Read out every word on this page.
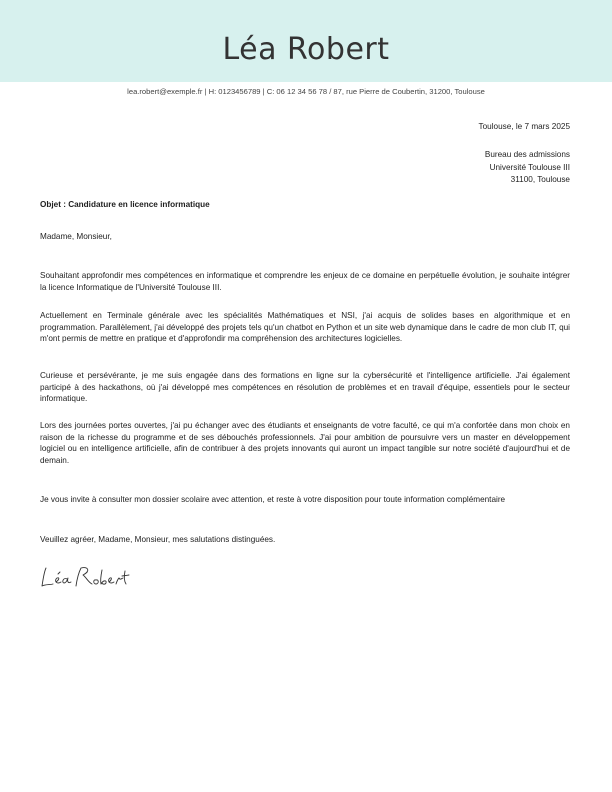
Léa Robert
lea.robert@exemple.fr | H: 0123456789 | C: 06 12 34 56 78 / 87, rue Pierre de Coubertin, 31200, Toulouse
Toulouse, le 7 mars 2025
Bureau des admissions
Université Toulouse III
31100, Toulouse
Objet : Candidature en licence informatique
Madame, Monsieur,
Souhaitant approfondir mes compétences en informatique et comprendre les enjeux de ce domaine en perpétuelle évolution, je souhaite intégrer la licence Informatique de l'Université Toulouse III.
Actuellement en Terminale générale avec les spécialités Mathématiques et NSI, j'ai acquis de solides bases en algorithmique et en programmation. Parallèlement, j'ai développé des projets tels qu'un chatbot en Python et un site web dynamique dans le cadre de mon club IT, qui m'ont permis de mettre en pratique et d'approfondir ma compréhension des architectures logicielles.
Curieuse et persévérante, je me suis engagée dans des formations en ligne sur la cybersécurité et l'intelligence artificielle. J'ai également participé à des hackathons, où j'ai développé mes compétences en résolution de problèmes et en travail d'équipe, essentiels pour le secteur informatique.
Lors des journées portes ouvertes, j'ai pu échanger avec des étudiants et enseignants de votre faculté, ce qui m'a confortée dans mon choix en raison de la richesse du programme et de ses débouchés professionnels. J'ai pour ambition de poursuivre vers un master en développement logiciel ou en intelligence artificielle, afin de contribuer à des projets innovants qui auront un impact tangible sur notre société d'aujourd'hui et de demain.
Je vous invite à consulter mon dossier scolaire avec attention, et reste à votre disposition pour toute information complémentaire
Veuillez agréer, Madame, Monsieur, mes salutations distinguées.
